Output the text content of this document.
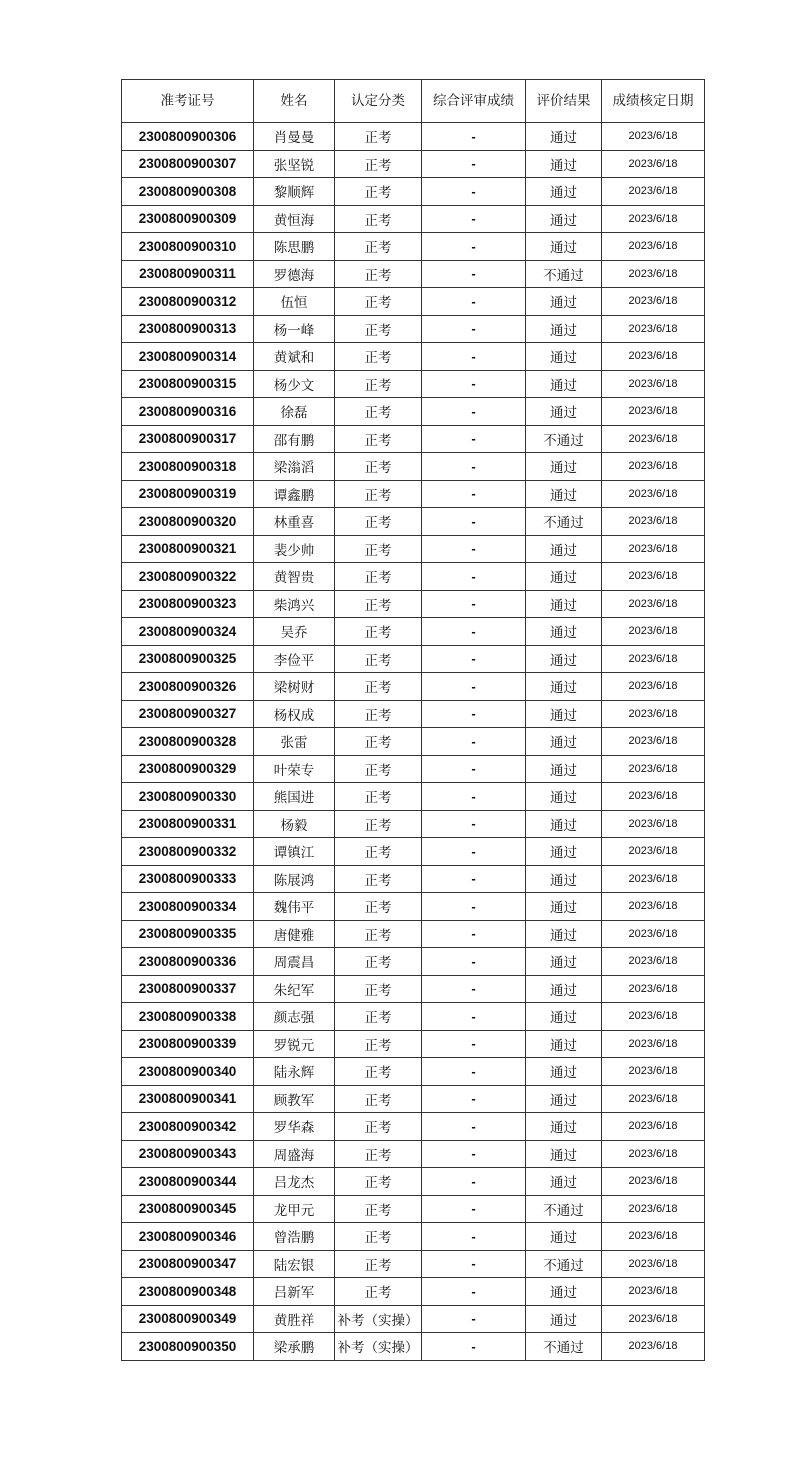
准考证号	姓名	认定分类	综合评审成绩	评价结果	成绩核定日期
2300800900306	肖曼曼	正考	-	通过	2023/6/18
2300800900307	张坚锐	正考	-	通过	2023/6/18
2300800900308	黎顺辉	正考	-	通过	2023/6/18
2300800900309	黄恒海	正考	-	通过	2023/6/18
2300800900310	陈思鹏	正考	-	通过	2023/6/18
2300800900311	罗德海	正考	-	不通过	2023/6/18
2300800900312	伍恒	正考	-	通过	2023/6/18
2300800900313	杨一峰	正考	-	通过	2023/6/18
2300800900314	黄斌和	正考	-	通过	2023/6/18
2300800900315	杨少文	正考	-	通过	2023/6/18
2300800900316	徐磊	正考	-	通过	2023/6/18
2300800900317	邵有鹏	正考	-	不通过	2023/6/18
2300800900318	梁滃滔	正考	-	通过	2023/6/18
2300800900319	谭鑫鹏	正考	-	通过	2023/6/18
2300800900320	林重喜	正考	-	不通过	2023/6/18
2300800900321	裴少帅	正考	-	通过	2023/6/18
2300800900322	黄智贵	正考	-	通过	2023/6/18
2300800900323	柴鸿兴	正考	-	通过	2023/6/18
2300800900324	吴乔	正考	-	通过	2023/6/18
2300800900325	李俭平	正考	-	通过	2023/6/18
2300800900326	梁树财	正考	-	通过	2023/6/18
2300800900327	杨权成	正考	-	通过	2023/6/18
2300800900328	张雷	正考	-	通过	2023/6/18
2300800900329	叶荣专	正考	-	通过	2023/6/18
2300800900330	熊国进	正考	-	通过	2023/6/18
2300800900331	杨毅	正考	-	通过	2023/6/18
2300800900332	谭镇江	正考	-	通过	2023/6/18
2300800900333	陈展鸿	正考	-	通过	2023/6/18
2300800900334	魏伟平	正考	-	通过	2023/6/18
2300800900335	唐健雅	正考	-	通过	2023/6/18
2300800900336	周震昌	正考	-	通过	2023/6/18
2300800900337	朱纪军	正考	-	通过	2023/6/18
2300800900338	颜志强	正考	-	通过	2023/6/18
2300800900339	罗锐元	正考	-	通过	2023/6/18
2300800900340	陆永辉	正考	-	通过	2023/6/18
2300800900341	顾教军	正考	-	通过	2023/6/18
2300800900342	罗华森	正考	-	通过	2023/6/18
2300800900343	周盛海	正考	-	通过	2023/6/18
2300800900344	吕龙杰	正考	-	通过	2023/6/18
2300800900345	龙甲元	正考	-	不通过	2023/6/18
2300800900346	曾浩鹏	正考	-	通过	2023/6/18
2300800900347	陆宏银	正考	-	不通过	2023/6/18
2300800900348	吕新军	正考	-	通过	2023/6/18
2300800900349	黄胜祥	补考（实操）	-	通过	2023/6/18
2300800900350	梁承鹏	补考（实操）	-	不通过	2023/6/18
